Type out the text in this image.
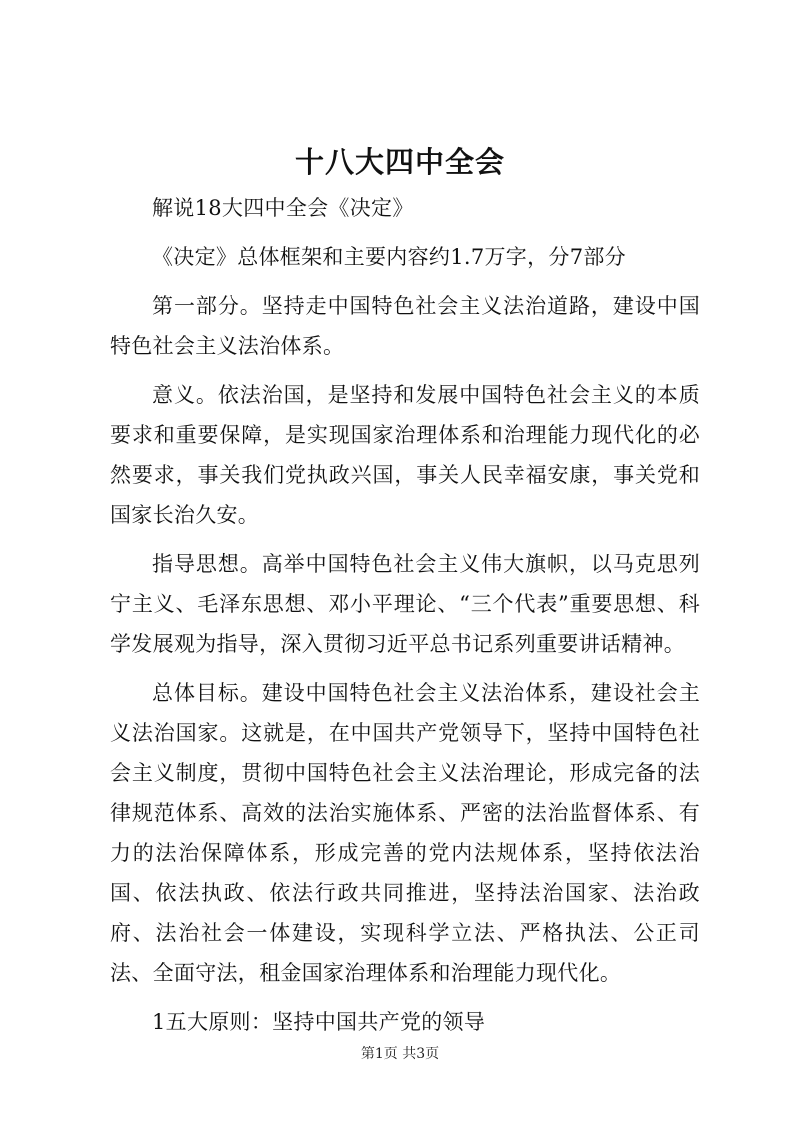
十八大四中全会

解说18大四中全会《决定》

《决定》总体框架和主要内容约1.7万字，分7部分

第一部分。坚持走中国特色社会主义法治道路，建设中国特色社会主义法治体系。

意义。依法治国，是坚持和发展中国特色社会主义的本质要求和重要保障，是实现国家治理体系和治理能力现代化的必然要求，事关我们党执政兴国，事关人民幸福安康，事关党和国家长治久安。

指导思想。高举中国特色社会主义伟大旗帜，以马克思列宁主义、毛泽东思想、邓小平理论、“三个代表”重要思想、科学发展观为指导，深入贯彻习近平总书记系列重要讲话精神。

总体目标。建设中国特色社会主义法治体系，建设社会主义法治国家。这就是，在中国共产党领导下，坚持中国特色社会主义制度，贯彻中国特色社会主义法治理论，形成完备的法律规范体系、高效的法治实施体系、严密的法治监督体系、有力的法治保障体系，形成完善的党内法规体系，坚持依法治国、依法执政、依法行政共同推进，坚持法治国家、法治政府、法治社会一体建设，实现科学立法、严格执法、公正司法、全面守法，租金国家治理体系和治理能力现代化。

1五大原则：坚持中国共产党的领导

第1页 共3页
